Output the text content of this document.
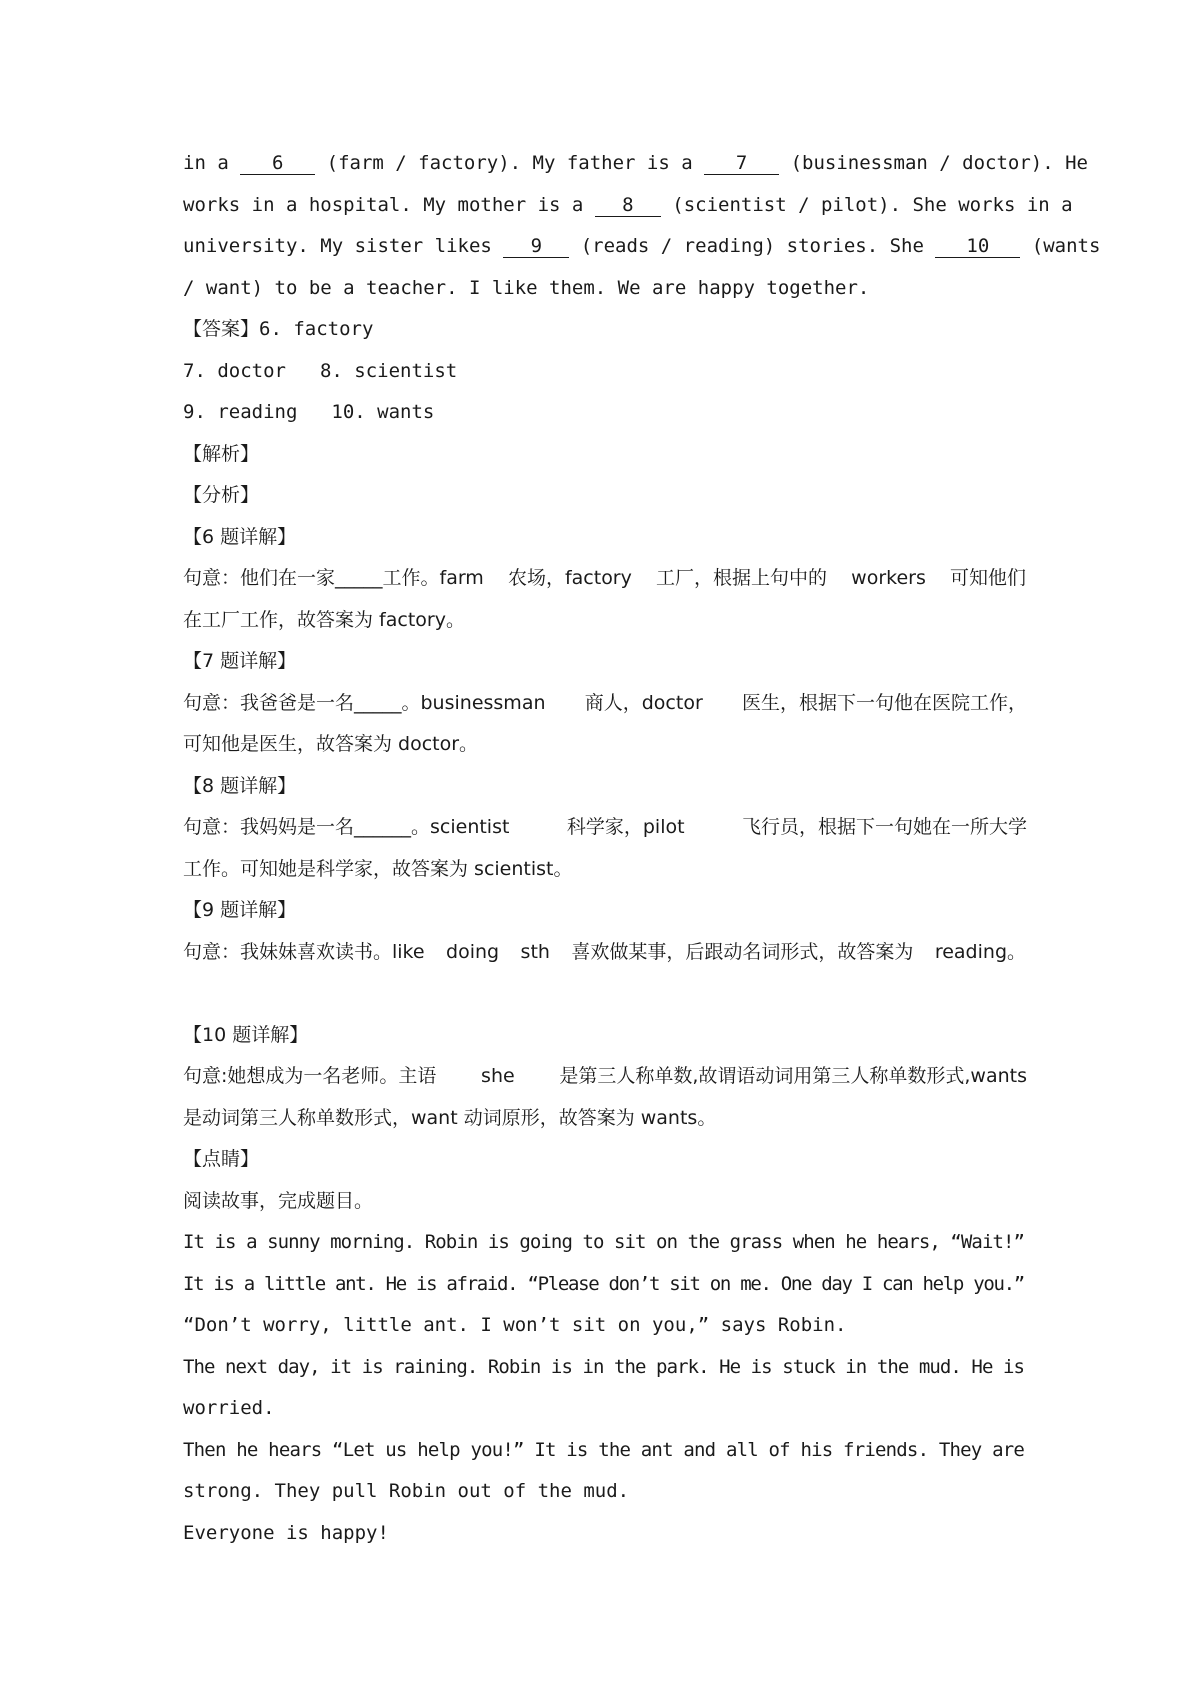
in a 6 (farm / factory). My father is a 7 (businessman / doctor). He
works in a hospital. My mother is a 8 (scientist / pilot). She works in a
university. My sister likes 9 (reads / reading) stories. She 10 (wants
/ want) to be a teacher. I like them. We are happy together.
【答案】6. factory
7. doctor 8. scientist
9. reading 10. wants
【解析】
【分析】
【6 题详解】
句意：他们在一家_____工作。farm 农场，factory 工厂，根据上句中的 workers 可知他们
在工厂工作，故答案为 factory。
【7 题详解】
句意：我爸爸是一名_____。businessman 商人，doctor 医生，根据下一句他在医院工作，
可知他是医生，故答案为 doctor。
【8 题详解】
句意：我妈妈是一名______。scientist 科学家，pilot 飞行员，根据下一句她在一所大学
工作。可知她是科学家，故答案为 scientist。
【9 题详解】
句意：我妹妹喜欢读书。like doing sth 喜欢做某事，后跟动名词形式，故答案为 reading。
【10 题详解】
句意:她想成为一名老师。主语 she 是第三人称单数,故谓语动词用第三人称单数形式,wants
是动词第三人称单数形式，want 动词原形，故答案为 wants。
【点睛】
阅读故事，完成题目。
It is a sunny morning. Robin is going to sit on the grass when he hears, “Wait!”
It is a little ant. He is afraid. “Please don’t sit on me. One day I can help you.”
“Don’t worry, little ant. I won’t sit on you,” says Robin.
The next day, it is raining. Robin is in the park. He is stuck in the mud. He is
worried.
Then he hears “Let us help you!” It is the ant and all of his friends. They are
strong. They pull Robin out of the mud.
Everyone is happy!
